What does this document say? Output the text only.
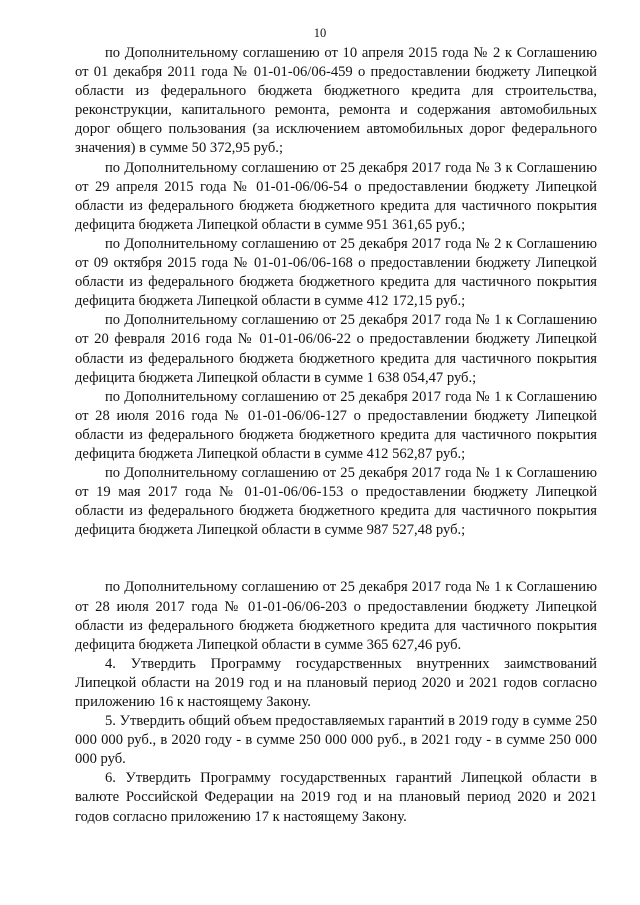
10

по Дополнительному соглашению от 10 апреля 2015 года № 2 к Соглашению от 01 декабря 2011 года № 01-01-06/06-459 о предоставлении бюджету Липецкой области из федерального бюджета бюджетного кредита для строительства, реконструкции, капитального ремонта, ремонта и содержания автомобильных дорог общего пользования (за исключением автомобильных дорог федерального значения) в сумме 50 372,95 руб.;

по Дополнительному соглашению от 25 декабря 2017 года № 3 к Соглашению от 29 апреля 2015 года № 01-01-06/06-54 о предоставлении бюджету Липецкой области из федерального бюджета бюджетного кредита для частичного покрытия дефицита бюджета Липецкой области в сумме 951 361,65 руб.;

по Дополнительному соглашению от 25 декабря 2017 года № 2 к Соглашению от 09 октября 2015 года № 01-01-06/06-168 о предоставлении бюджету Липецкой области из федерального бюджета бюджетного кредита для частичного покрытия дефицита бюджета Липецкой области в сумме 412 172,15 руб.;

по Дополнительному соглашению от 25 декабря 2017 года № 1 к Соглашению от 20 февраля 2016 года № 01-01-06/06-22 о предоставлении бюджету Липецкой области из федерального бюджета бюджетного кредита для частичного покрытия дефицита бюджета Липецкой области в сумме 1 638 054,47 руб.;

по Дополнительному соглашению от 25 декабря 2017 года № 1 к Соглашению от 28 июля 2016 года № 01-01-06/06-127 о предоставлении бюджету Липецкой области из федерального бюджета бюджетного кредита для частичного покрытия дефицита бюджета Липецкой области в сумме 412 562,87 руб.;

по Дополнительному соглашению от 25 декабря 2017 года № 1 к Соглашению от 19 мая 2017 года № 01-01-06/06-153 о предоставлении бюджету Липецкой области из федерального бюджета бюджетного кредита для частичного покрытия дефицита бюджета Липецкой области в сумме 987 527,48 руб.;

по Дополнительному соглашению от 25 декабря 2017 года № 1 к Соглашению от 28 июля 2017 года № 01-01-06/06-203 о предоставлении бюджету Липецкой области из федерального бюджета бюджетного кредита для частичного покрытия дефицита бюджета Липецкой области в сумме 365 627,46 руб.

4. Утвердить Программу государственных внутренних заимствований Липецкой области на 2019 год и на плановый период 2020 и 2021 годов согласно приложению 16 к настоящему Закону.

5. Утвердить общий объем предоставляемых гарантий в 2019 году в сумме 250 000 000 руб., в 2020 году - в сумме 250 000 000 руб., в 2021 году - в сумме 250 000 000 руб.

6. Утвердить Программу государственных гарантий Липецкой области в валюте Российской Федерации на 2019 год и на плановый период 2020 и 2021 годов согласно приложению 17 к настоящему Закону.
